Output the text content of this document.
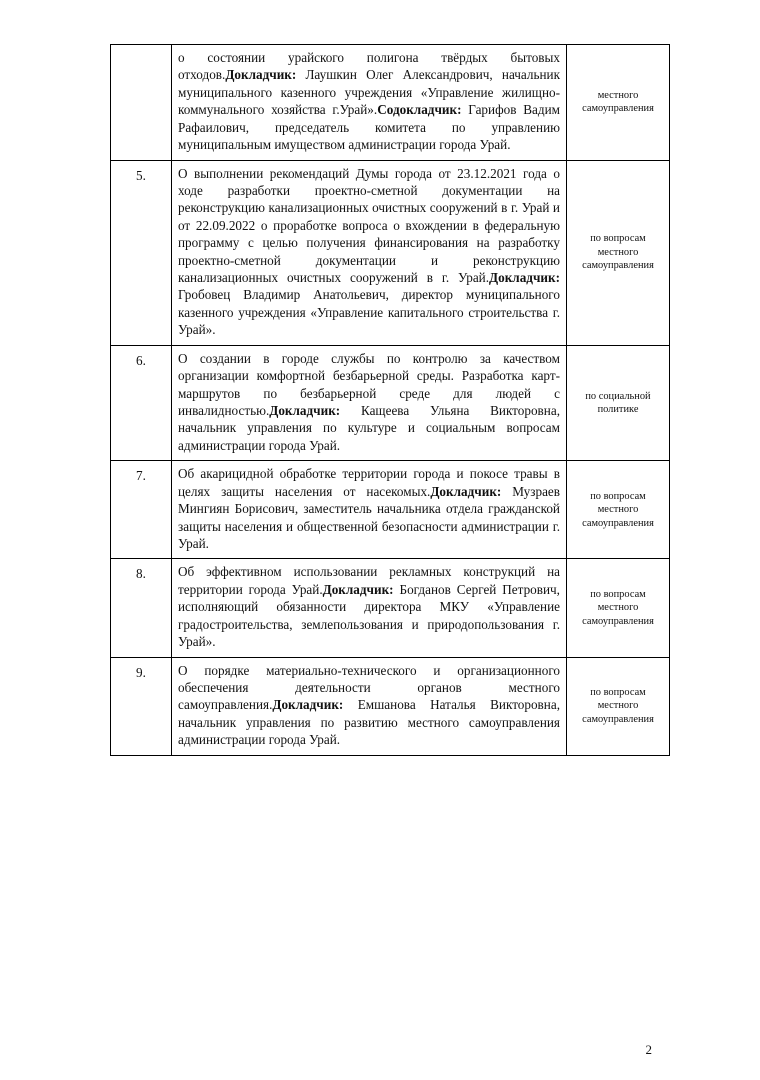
	о состоянии урайского полигона твёрдых бытовых отходов.Докладчик: Лаушкин Олег Александрович, начальник муниципального казенного учреждения «Управление жилищно-коммунального хозяйства г.Урай».Содокладчик: Гарифов Вадим Рафаилович, председатель комитета по управлению муниципальным имуществом администрации города Урай.	местного самоуправления
5.	О выполнении рекомендаций Думы города от 23.12.2021 года о ходе разработки проектно-сметной документации на реконструкцию канализационных очистных сооружений в г. Урай и от 22.09.2022 о проработке вопроса о вхождении в федеральную программу с целью получения финансирования на разработку проектно-сметной документации и реконструкцию канализационных очистных сооружений в г. Урай.Докладчик: Гробовец Владимир Анатольевич, директор муниципального казенного учреждения «Управление капитального строительства г. Урай».	по вопросам местного самоуправления
6.	О создании в городе службы по контролю за качеством организации комфортной безбарьерной среды. Разработка карт- маршрутов по безбарьерной среде для людей с инвалидностью.Докладчик: Кащеева Ульяна Викторовна, начальник управления по культуре и социальным вопросам администрации города Урай.	по социальной политике
7.	Об акарицидной обработке территории города и покосе травы в целях защиты населения от насекомых.Докладчик: Музраев Мингиян Борисович, заместитель начальника отдела гражданской защиты населения и общественной безопасности администрации г. Урай.	по вопросам местного самоуправления
8.	Об эффективном использовании рекламных конструкций на территории города Урай.Докладчик: Богданов Сергей Петрович, исполняющий обязанности директора МКУ «Управление градостроительства, землепользования и природопользования г. Урай».	по вопросам местного самоуправления
9.	О порядке материально-технического и организационного обеспечения деятельности органов местного самоуправления.Докладчик: Емшанова Наталья Викторовна, начальник управления по развитию местного самоуправления администрации города Урай.	по вопросам местного самоуправления
2
